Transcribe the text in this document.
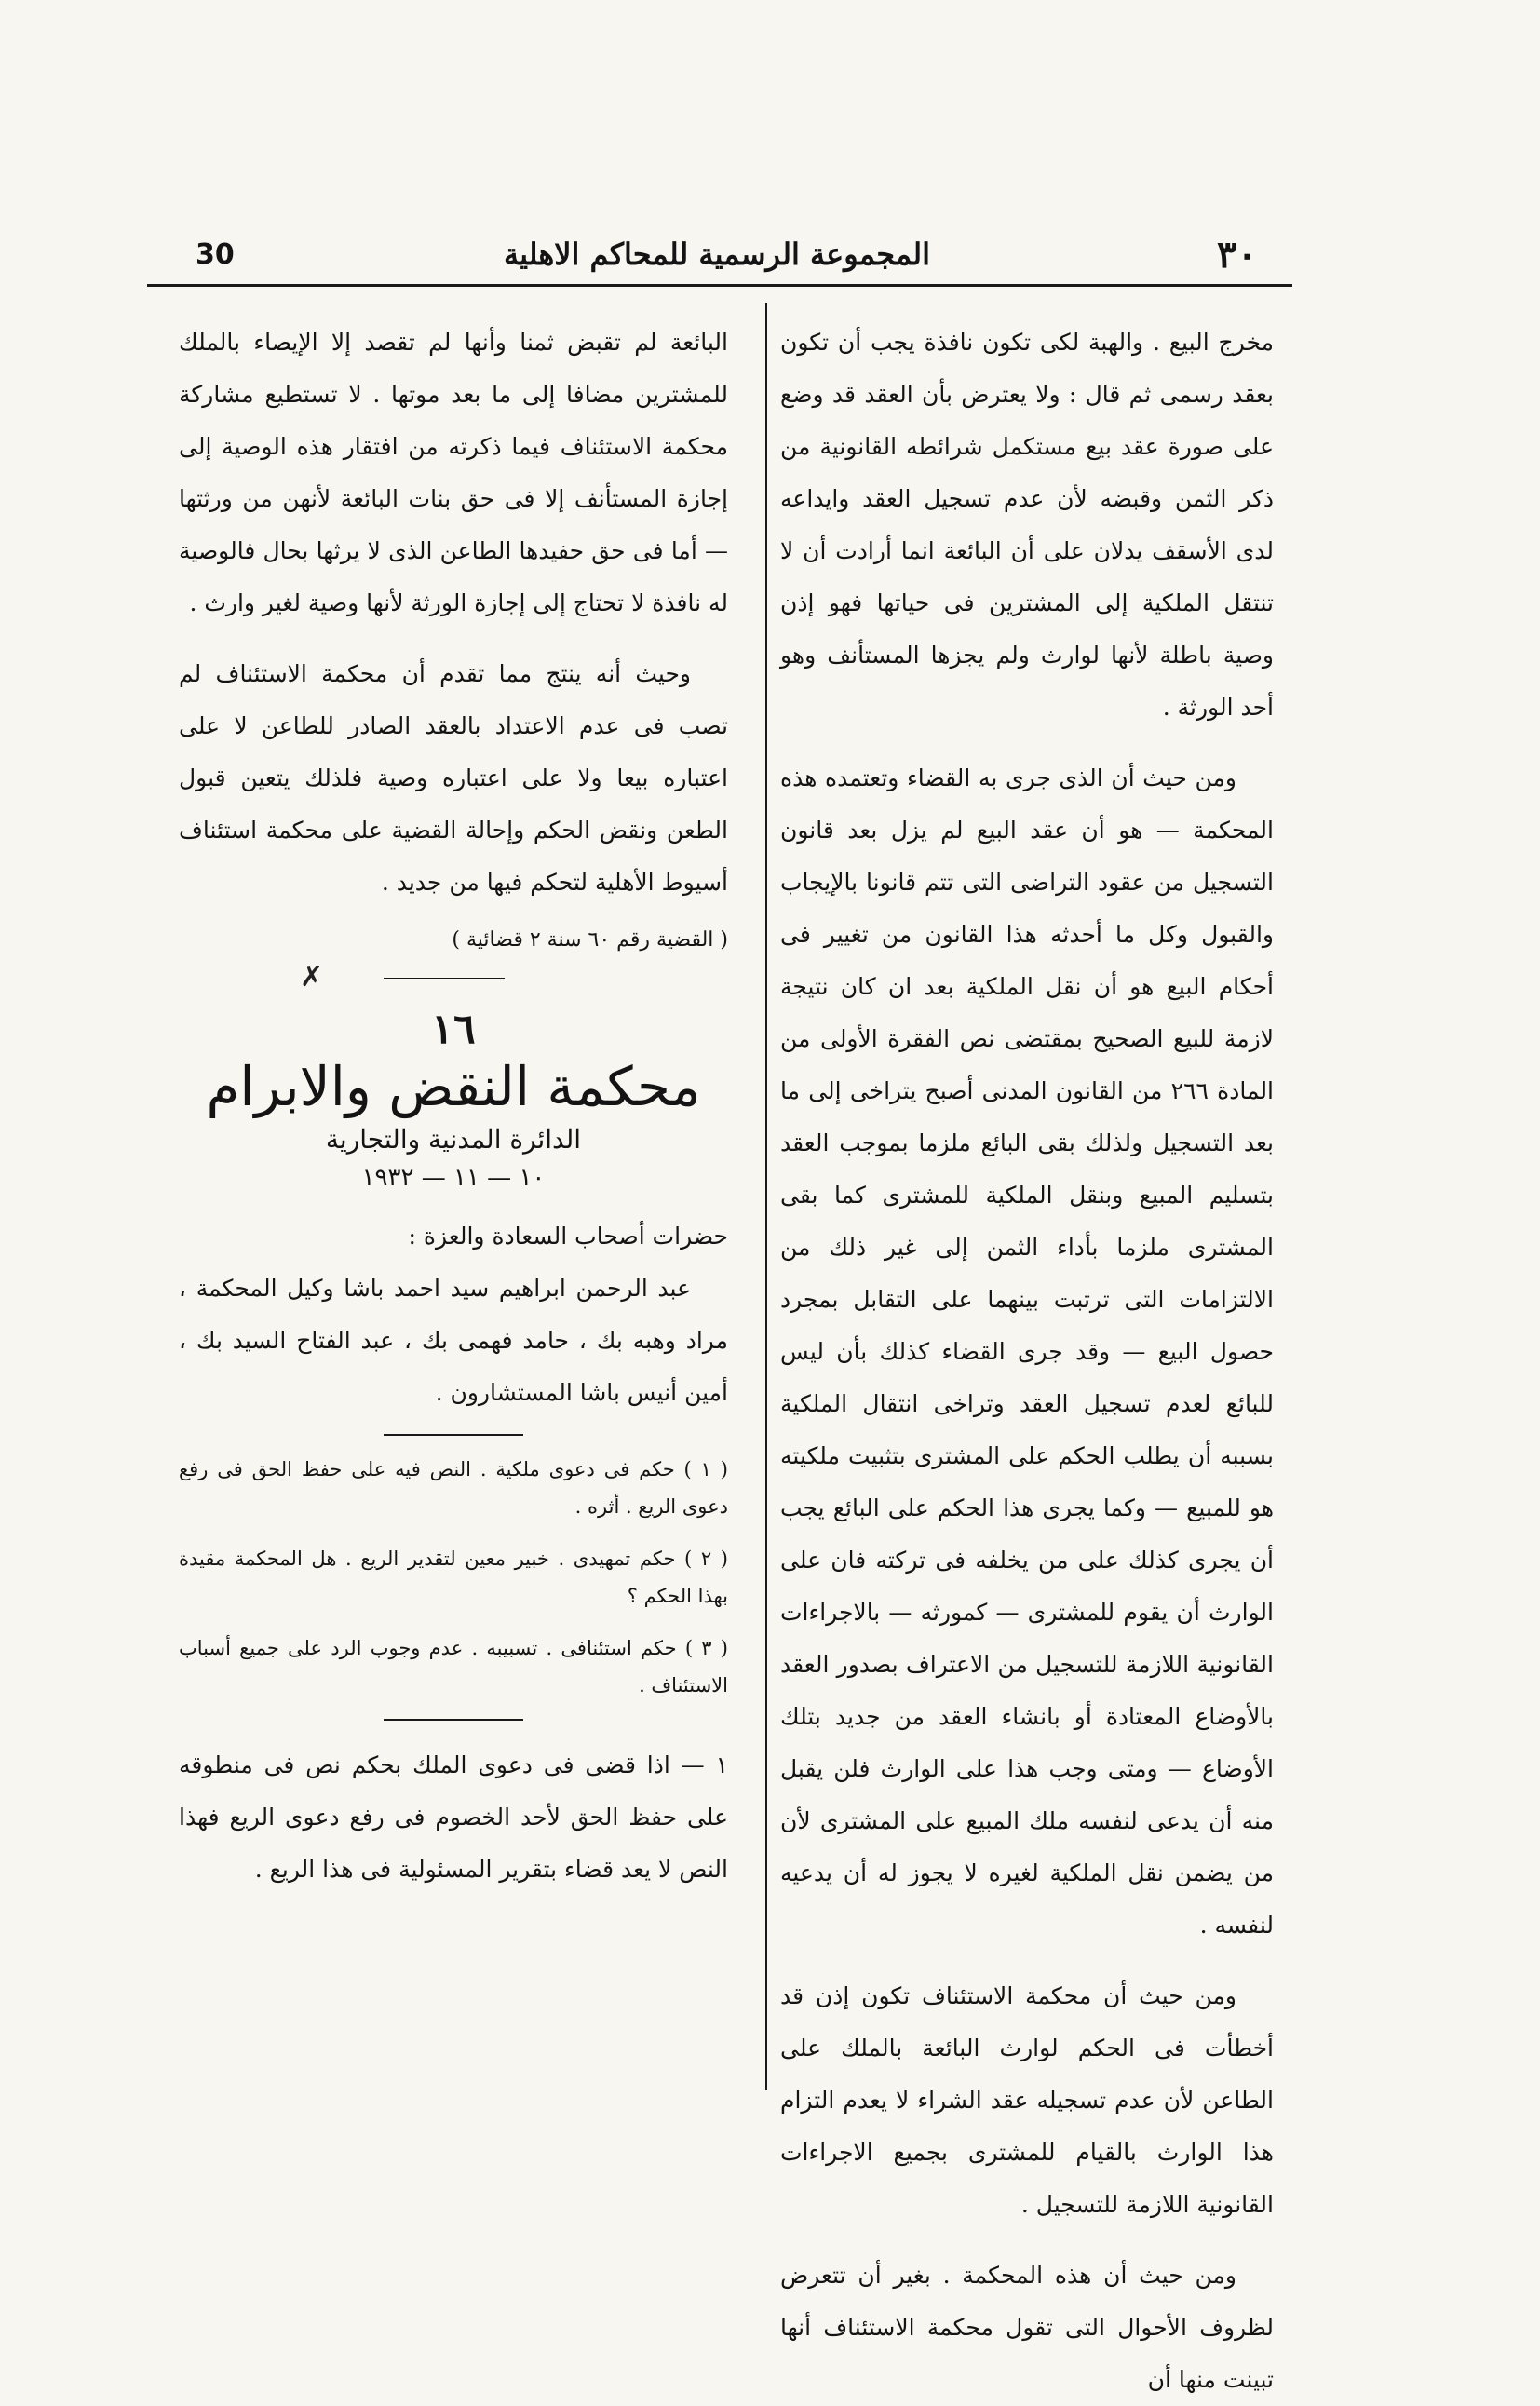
30	المجموعة الرسمية للمحاكم الاهلية	٣٠

مخرج البيع . والهبة لكى تكون نافذة يجب أن تكون بعقد رسمى ثم قال : ولا يعترض بأن العقد قد وضع على صورة عقد بيع مستكمل شرائطه القانونية من ذكر الثمن وقبضه لأن عدم تسجيل العقد وايداعه لدى الأسقف يدلان على أن البائعة انما أرادت أن لا تنتقل الملكية إلى المشترين فى حياتها فهو إذن وصية باطلة لأنها لوارث ولم يجزها المستأنف وهو أحد الورثة .

ومن حيث أن الذى جرى به القضاء وتعتمده هذه المحكمة — هو أن عقد البيع لم يزل بعد قانون التسجيل من عقود التراضى التى تتم قانونا بالإيجاب والقبول وكل ما أحدثه هذا القانون من تغيير فى أحكام البيع هو أن نقل الملكية بعد ان كان نتيجة لازمة للبيع الصحيح بمقتضى نص الفقرة الأولى من المادة ٢٦٦ من القانون المدنى أصبح يتراخى إلى ما بعد التسجيل ولذلك بقى البائع ملزما بموجب العقد بتسليم المبيع وبنقل الملكية للمشترى كما بقى المشترى ملزما بأداء الثمن إلى غير ذلك من الالتزامات التى ترتبت بينهما على التقابل بمجرد حصول البيع — وقد جرى القضاء كذلك بأن ليس للبائع لعدم تسجيل العقد وتراخى انتقال الملكية بسببه أن يطلب الحكم على المشترى بتثبيت ملكيته هو للمبيع — وكما يجرى هذا الحكم على البائع يجب أن يجرى كذلك على من يخلفه فى تركته فان على الوارث أن يقوم للمشترى — كمورثه — بالاجراءات القانونية اللازمة للتسجيل من الاعتراف بصدور العقد بالأوضاع المعتادة أو بانشاء العقد من جديد بتلك الأوضاع — ومتى وجب هذا على الوارث فلن يقبل منه أن يدعى لنفسه ملك المبيع على المشترى لأن من يضمن نقل الملكية لغيره لا يجوز له أن يدعيه لنفسه .

ومن حيث أن محكمة الاستئناف تكون إذن قد أخطأت فى الحكم لوارث البائعة بالملك على الطاعن لأن عدم تسجيله عقد الشراء لا يعدم التزام هذا الوارث بالقيام للمشترى بجميع الاجراءات القانونية اللازمة للتسجيل .

ومن حيث أن هذه المحكمة . بغير أن تتعرض لظروف الأحوال التى تقول محكمة الاستئناف أنها تبينت منها أن

البائعة لم تقبض ثمنا وأنها لم تقصد إلا الإيصاء بالملك للمشترين مضافا إلى ما بعد موتها . لا تستطيع مشاركة محكمة الاستئناف فيما ذكرته من افتقار هذه الوصية إلى إجازة المستأنف إلا فى حق بنات البائعة لأنهن من ورثتها — أما فى حق حفيدها الطاعن الذى لا يرثها بحال فالوصية له نافذة لا تحتاج إلى إجازة الورثة لأنها وصية لغير وارث .

وحيث أنه ينتج مما تقدم أن محكمة الاستئناف لم تصب فى عدم الاعتداد بالعقد الصادر للطاعن لا على اعتباره بيعا ولا على اعتباره وصية فلذلك يتعين قبول الطعن ونقض الحكم وإحالة القضية على محكمة استئناف أسيوط الأهلية لتحكم فيها من جديد .

( القضية رقم ٦٠ سنة ٢ قضائية )

✗

١٦

محكمة النقض والابرام

الدائرة المدنية والتجارية

١٠ — ١١ — ١٩٣٢

حضرات أصحاب السعادة والعزة :

عبد الرحمن ابراهيم سيد احمد باشا وكيل المحكمة ، مراد وهبه بك ، حامد فهمى بك ، عبد الفتاح السيد بك ، أمين أنيس باشا المستشارون .

( ١ ) حكم فى دعوى ملكية . النص فيه على حفظ الحق فى رفع دعوى الريع . أثره .

( ٢ ) حكم تمهيدى . خبير معين لتقدير الريع . هل المحكمة مقيدة بهذا الحكم ؟

( ٣ ) حكم استئنافى . تسبيبه . عدم وجوب الرد على جميع أسباب الاستئناف .

١ — اذا قضى فى دعوى الملك بحكم نص فى منطوقه على حفظ الحق لأحد الخصوم فى رفع دعوى الريع فهذا النص لا يعد قضاء بتقرير المسئولية فى هذا الريع .
